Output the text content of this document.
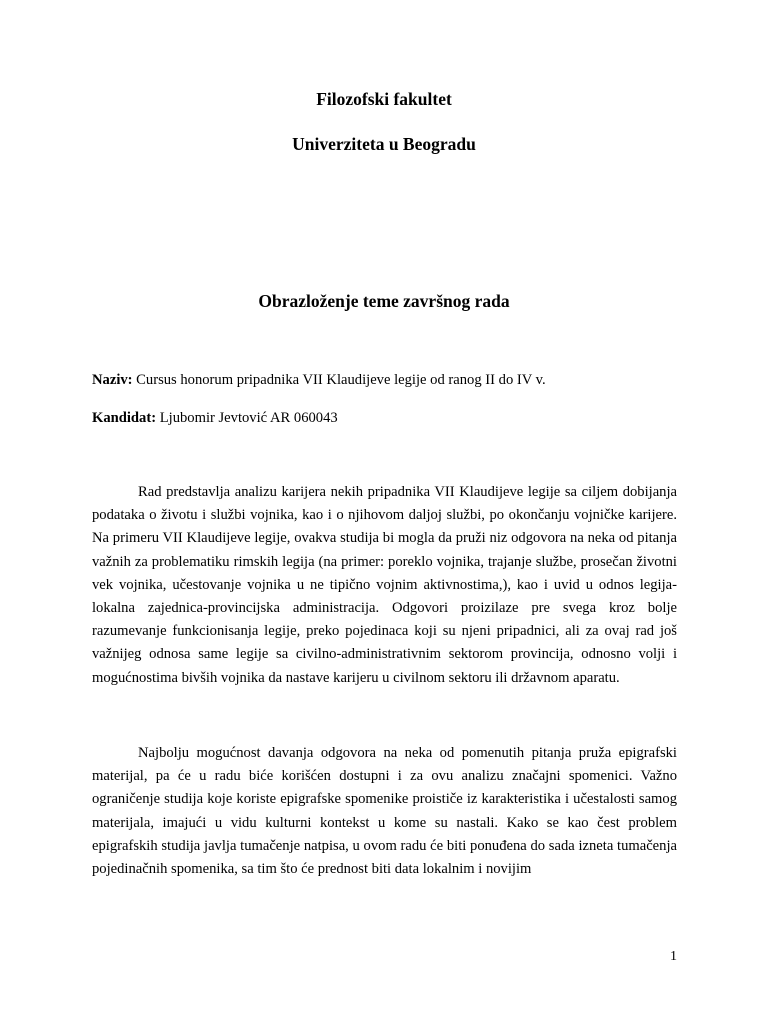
Filozofski fakultet
Univerziteta u Beogradu
Obrazloženje teme završnog rada

Naziv: Cursus honorum pripadnika VII Klaudijeve legije od ranog II do IV v.

Kandidat: Ljubomir Jevtović AR 060043

Rad predstavlja analizu karijera nekih pripadnika VII Klaudijeve legije sa ciljem dobijanja podataka o životu i službi vojnika, kao i o njihovom daljoj službi, po okončanju vojničke karijere. Na primeru VII Klaudijeve legije, ovakva studija bi mogla da pruži niz odgovora na neka od pitanja važnih za problematiku rimskih legija (na primer: poreklo vojnika, trajanje službe, prosečan životni vek vojnika, učestovanje vojnika u ne tipično vojnim aktivnostima,), kao i uvid u odnos legija-lokalna zajednica-provincijska administracija. Odgovori proizilaze pre svega kroz bolje razumevanje funkcionisanja legije, preko pojedinaca koji su njeni pripadnici, ali za ovaj rad još važnijeg odnosa same legije sa civilno-administrativnim sektorom provincija, odnosno volji i mogućnostima bivših vojnika da nastave karijeru u civilnom sektoru ili državnom aparatu.

Najbolju mogućnost davanja odgovora na neka od pomenutih pitanja pruža epigrafski materijal, pa će u radu biće korišćen dostupni i za ovu analizu značajni spomenici. Važno ograničenje studija koje koriste epigrafske spomenike proističe iz karakteristika i učestalosti samog materijala, imajući u vidu kulturni kontekst u kome su nastali. Kako se kao čest problem epigrafskih studija javlja tumačenje natpisa, u ovom radu će biti ponuđena do sada izneta tumačenja pojedinačnih spomenika, sa tim što će prednost biti data lokalnim i novijim

1
